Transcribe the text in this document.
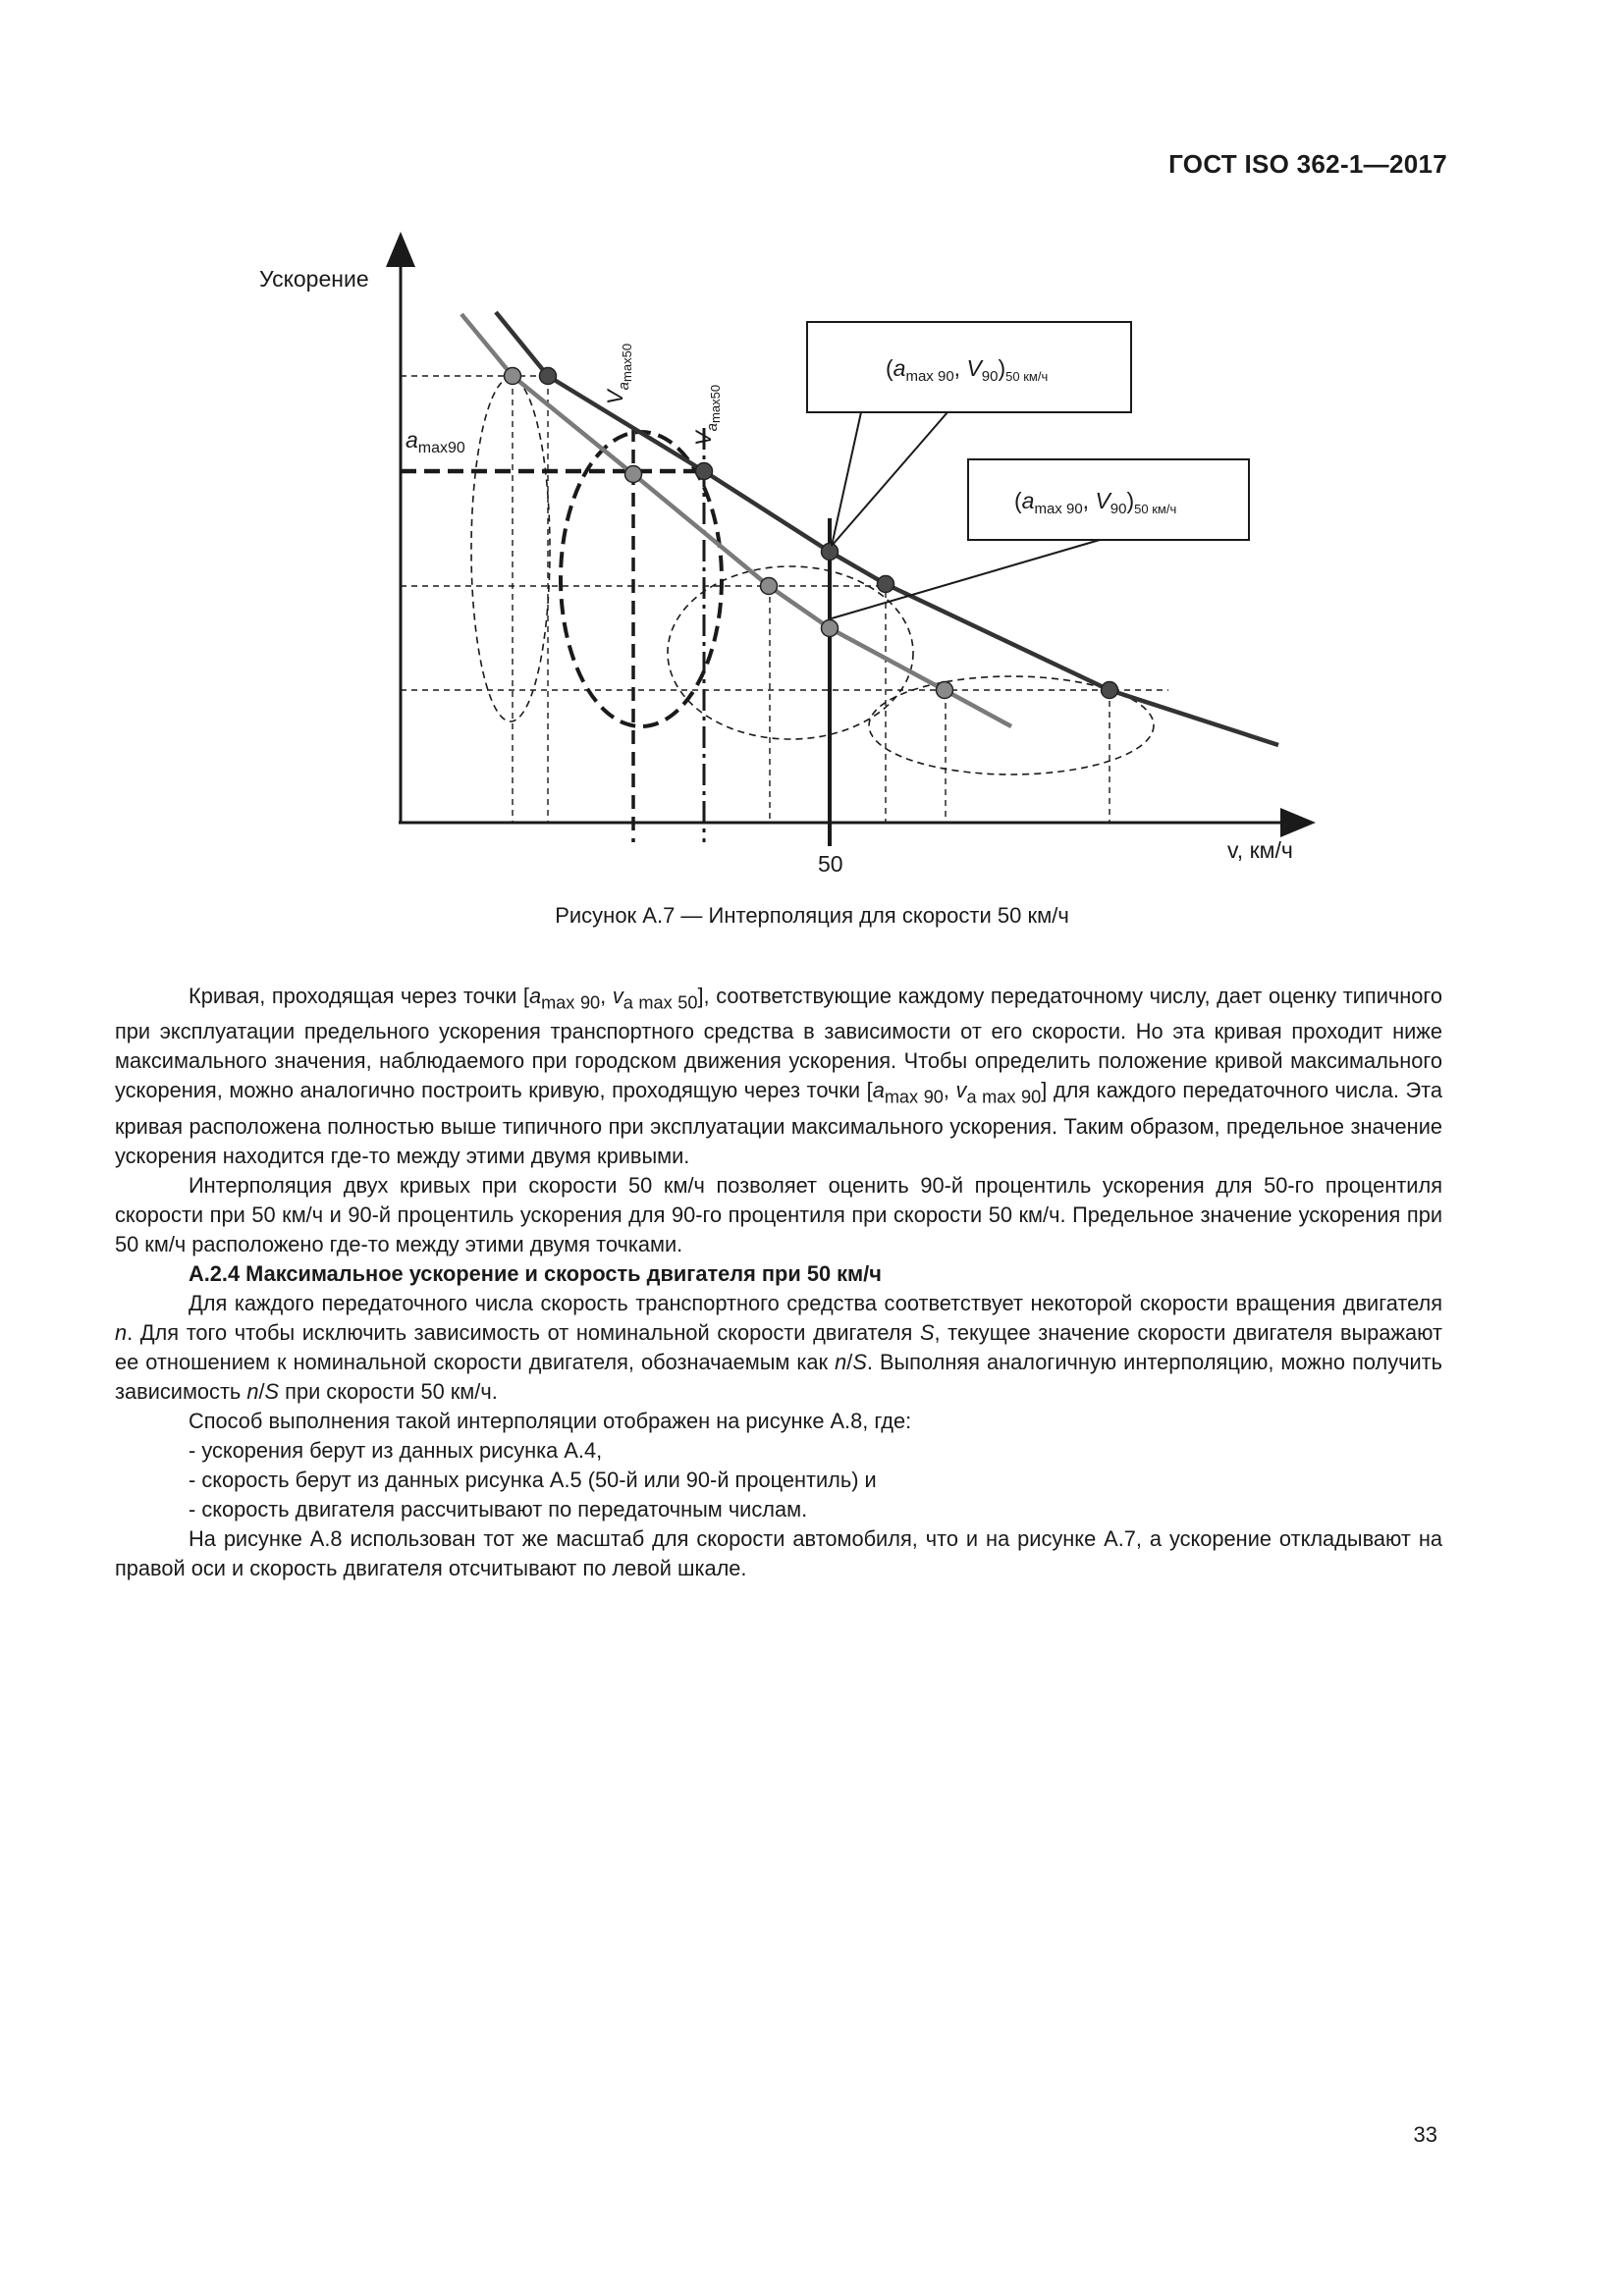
ГОСТ ISO 362-1—2017
($a_{max 90}$, $V_{90})_{50 км/ч}$
($a_{max 90}$, $V_{90})_{50 км/ч}$
Ускорение
50
v, км/ч
$a_{max90}$
$V_a\max 50$
$V_a\max 50$
Рисунок А.7 — Интерполяция для скорости 50 км/ч

Кривая, проходящая через точки [$a_{max 90}$, $v_{a max 50}$], соответствующие каждому передаточному числу, дает оценку типичного при эксплуатации предельного ускорения транспортного средства в зависимости от его скорости. Но эта кривая проходит ниже максимального значения, наблюдаемого при городском движения ускорения. Чтобы определить положение кривой максимального ускорения, можно аналогично построить кривую, проходящую через точки [$a_{max 90}$, $v_{a max 90}$] для каждого передаточного числа. Эта кривая расположена полностью выше типичного при эксплуатации максимального ускорения. Таким образом, предельное значение ускорения находится где-то между этими двумя кривыми.

Интерполяция двух кривых при скорости 50 км/ч позволяет оценить 90-й процентиль ускорения для 50-го процентиля скорости при 50 км/ч и 90-й процентиль ускорения для 90-го процентиля при скорости 50 км/ч. Предельное значение ускорения при 50 км/ч расположено где-то между этими двумя точками.

А.2.4 Максимальное ускорение и скорость двигателя при 50 км/ч

Для каждого передаточного числа скорость транспортного средства соответствует некоторой скорости вращения двигателя n. Для того чтобы исключить зависимость от номинальной скорости двигателя S, текущее значение скорости двигателя выражают ее отношением к номинальной скорости двигателя, обозначаемым как n/S. Выполняя аналогичную интерполяцию, можно получить зависимость n/S при скорости 50 км/ч.

Способ выполнения такой интерполяции отображен на рисунке А.8, где:

- ускорения берут из данных рисунка А.4,

- скорость берут из данных рисунка А.5 (50-й или 90-й процентиль) и

- скорость двигателя рассчитывают по передаточным числам.

На рисунке А.8 использован тот же масштаб для скорости автомобиля, что и на рисунке А.7, а ускорение откладывают на правой оси и скорость двигателя отсчитывают по левой шкале.

33
